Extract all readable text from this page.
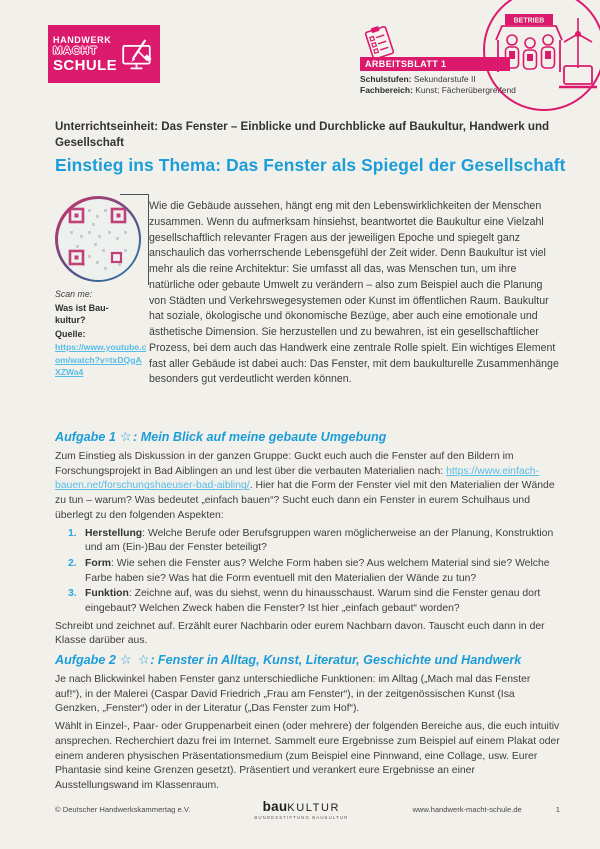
HANDWERK
MACHT
SCHULE	ARBEITSBLATT 1
Schulstufen: Sekundarstufe II
Fachbereich: Kunst; Fächerübergreifend
BETRIEB
Unterrichtseinheit: Das Fenster – Einblicke und Durchblicke auf Baukultur, Handwerk und Gesellschaft
Einstieg ins Thema: Das Fenster als Spiegel der Gesellschaft
Scan me:
Was ist Bau-
kultur?
Quelle:
https://www.youtube.com/watch?v=txDQgAXZWa4
Wie die Gebäude aussehen, hängt eng mit den Lebenswirklichkeiten der Menschen zusammen. Wenn du aufmerksam hinsiehst, beantwortet die Baukultur eine Vielzahl gesellschaftlich relevanter Fragen aus der jeweiligen Epoche und spiegelt ganz anschaulich das vorherrschende Lebensgefühl der Zeit wider. Denn Baukultur ist viel mehr als die reine Architektur: Sie umfasst all das, was Menschen tun, um ihre natürliche oder gebaute Umwelt zu verändern – also zum Beispiel auch die Planung von Städten und Verkehrswegesystemen oder Kunst im öffentlichen Raum. Baukultur hat soziale, ökologische und ökonomische Bezüge, aber auch eine emotionale und ästhetische Dimension. Sie herzustellen und zu bewahren, ist ein gesellschaftlicher Prozess, bei dem auch das Handwerk eine zentrale Rolle spielt. Ein wichtiges Element fast aller Gebäude ist dabei auch: Das Fenster, mit dem baukulturelle Zusammenhänge besonders gut verdeutlicht werden können.
Aufgabe 1 ☆: Mein Blick auf meine gebaute Umgebung

Zum Einstieg als Diskussion in der ganzen Gruppe: Guckt euch auch die Fenster auf den Bildern im Forschungsprojekt in Bad Aiblingen an und lest über die verbauten Materialien nach: https://www.einfach-bauen.net/forschungshaeuser-bad-aibling/. Hier hat die Form der Fenster viel mit den Materialien der Wände zu tun – warum? Was bedeutet „einfach bauen“? Sucht euch dann ein Fenster in eurem Schulhaus und überlegt zu den folgenden Aspekten:

1. Herstellung: Welche Berufe oder Berufsgruppen waren möglicherweise an der Planung, Konstruktion und am (Ein-)Bau der Fenster beteiligt?
2. Form: Wie sehen die Fenster aus? Welche Form haben sie? Aus welchem Material sind sie? Welche Farbe haben sie? Was hat die Form eventuell mit den Materialien der Wände zu tun?
3. Funktion: Zeichne auf, was du siehst, wenn du hinausschaust. Warum sind die Fenster genau dort eingebaut? Welchen Zweck haben die Fenster? Ist hier „einfach gebaut“ worden?

Schreibt und zeichnet auf. Erzählt eurer Nachbarin oder eurem Nachbarn davon. Tauscht euch dann in der Klasse darüber aus.

Aufgabe 2 ☆ ☆: Fenster in Alltag, Kunst, Literatur, Geschichte und Handwerk

Je nach Blickwinkel haben Fenster ganz unterschiedliche Funktionen: im Alltag („Mach mal das Fenster auf!“), in der Malerei (Caspar David Friedrich „Frau am Fenster“), in der zeitgenössischen Kunst (Isa Genzken, „Fenster“) oder in der Literatur („Das Fenster zum Hof“).

Wählt in Einzel-, Paar- oder Gruppenarbeit einen (oder mehrere) der folgenden Bereiche aus, die euch intuitiv ansprechen. Recherchiert dazu frei im Internet. Sammelt eure Ergebnisse zum Beispiel auf einem Plakat oder einem anderen physischen Präsentationsmedium (zum Beispiel eine Pinnwand, eine Collage, usw. Eurer Phantasie sind keine Grenzen gesetzt). Präsentiert und verankert eure Ergebnisse an einer Ausstellungswand im Klassenraum.

© Deutscher Handwerkskammertag e.V.	bauKULTUR
BUNDESSTIFTUNG BAUKULTUR
www.handwerk-macht-schule.de	1
